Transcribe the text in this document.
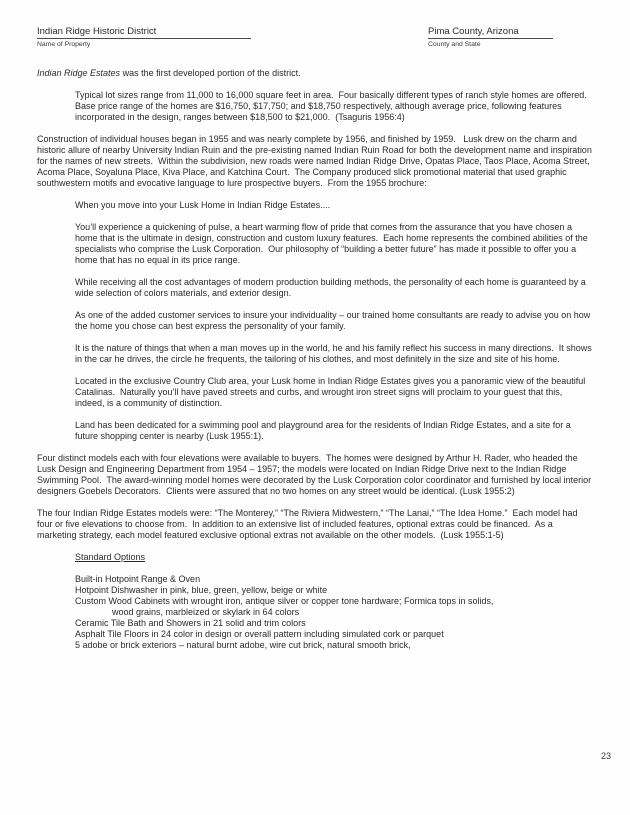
Indian Ridge Historic District
Name of Property
Pima County, Arizona
County and State

Indian Ridge Estates was the first developed portion of the district.

Typical lot sizes range from 11,000 to 16,000 square feet in area.  Four basically different types of ranch style homes are offered.  Base price range of the homes are $16,750, $17,750; and $18,750 respectively, although average price, following features incorporated in the design, ranges between $18,500 to $21,000.  (Tsaguris 1956:4)

Construction of individual houses began in 1955 and was nearly complete by 1956, and finished by 1959.   Lusk drew on the charm and historic allure of nearby University Indian Ruin and the pre-existing named Indian Ruin Road for both the development name and inspiration for the names of new streets.  Within the subdivision, new roads were named Indian Ridge Drive, Opatas Place, Taos Place, Acoma Street, Acoma Place, Soyaluna Place, Kiva Place, and Katchina Court.  The Company produced slick promotional material that used graphic southwestern motifs and evocative language to lure prospective buyers.  From the 1955 brochure:

When you move into your Lusk Home in Indian Ridge Estates....

You’ll experience a quickening of pulse, a heart warming flow of pride that comes from the assurance that you have chosen a home that is the ultimate in design, construction and custom luxury features.  Each home represents the combined abilities of the specialists who comprise the Lusk Corporation.  Our philosophy of “building a better future” has made it possible to offer you a home that has no equal in its price range.

While receiving all the cost advantages of modern production building methods, the personality of each home is guaranteed by a wide selection of colors materials, and exterior design.

As one of the added customer services to insure your individuality – our trained home consultants are ready to advise you on how the home you chose can best express the personality of your family.

It is the nature of things that when a man moves up in the world, he and his family reflect his success in many directions.  It shows in the car he drives, the circle he frequents, the tailoring of his clothes, and most definitely in the size and site of his home.

Located in the exclusive Country Club area, your Lusk home in Indian Ridge Estates gives you a panoramic view of the beautiful Catalinas.  Naturally you’ll have paved streets and curbs, and wrought iron street signs will proclaim to your guest that this, indeed, is a community of distinction.

Land has been dedicated for a swimming pool and playground area for the residents of Indian Ridge Estates, and a site for a future shopping center is nearby (Lusk 1955:1).

Four distinct models each with four elevations were available to buyers.  The homes were designed by Arthur H. Rader, who headed the Lusk Design and Engineering Department from 1954 – 1957; the models were located on Indian Ridge Drive next to the Indian Ridge Swimming Pool.  The award-winning model homes were decorated by the Lusk Corporation color coordinator and furnished by local interior designers Goebels Decorators.  Clients were assured that no two homes on any street would be identical. (Lusk 1955:2)

The four Indian Ridge Estates models were: “The Monterey,” “The Riviera Midwestern,” “The Lanai,” “The Idea Home.”  Each model had four or five elevations to choose from.  In addition to an extensive list of included features, optional extras could be financed.  As a marketing strategy, each model featured exclusive optional extras not available on the other models.  (Lusk 1955:1-5)

Standard Options
Built-in Hotpoint Range & Oven
Hotpoint Dishwasher in pink, blue, green, yellow, beige or white
Custom Wood Cabinets with wrought iron, antique silver or copper tone hardware; Formica tops in solids,
wood grains, marbleized or skylark in 64 colors
Ceramic Tile Bath and Showers in 21 solid and trim colors
Asphalt Tile Floors in 24 color in design or overall pattern including simulated cork or parquet
5 adobe or brick exteriors – natural burnt adobe, wire cut brick, natural smooth brick,
23
